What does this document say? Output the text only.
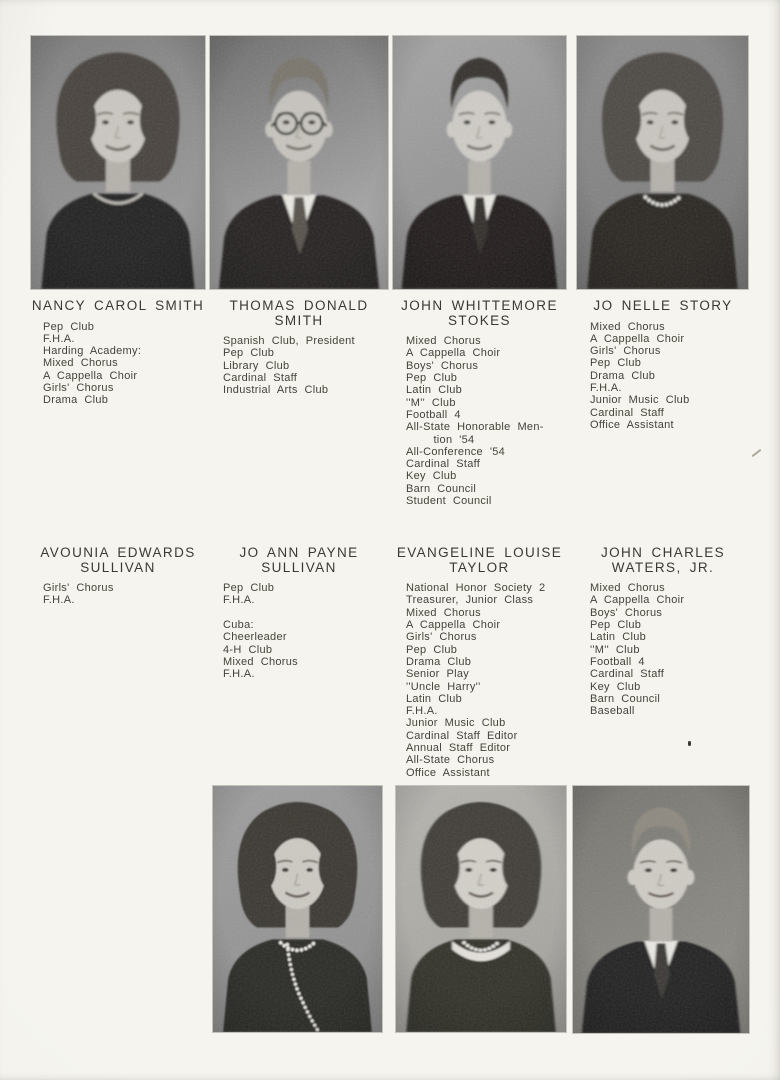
NANCY CAROL SMITH
Pep Club
F.H.A.
Harding Academy:
Mixed Chorus
A Cappella Choir
Girls' Chorus
Drama Club
THOMAS DONALD
SMITH
Spanish Club, President
Pep Club
Library Club
Cardinal Staff
Industrial Arts Club
JOHN WHITTEMORE
STOKES
Mixed Chorus
A Cappella Choir
Boys' Chorus
Pep Club
Latin Club
''M'' Club
Football 4
All-State Honorable Men-
tion '54
All-Conference '54
Cardinal Staff
Key Club
Barn Council
Student Council
JO NELLE STORY
Mixed Chorus
A Cappella Choir
Girls' Chorus
Pep Club
Drama Club
F.H.A.
Junior Music Club
Cardinal Staff
Office Assistant
AVOUNIA EDWARDS
SULLIVAN
Girls' Chorus
F.H.A.
JO ANN PAYNE
SULLIVAN
Pep Club
F.H.A.

Cuba:
Cheerleader
4-H Club
Mixed Chorus
F.H.A.
EVANGELINE LOUISE
TAYLOR
National Honor Society 2
Treasurer, Junior Class
Mixed Chorus
A Cappella Choir
Girls' Chorus
Pep Club
Drama Club
Senior Play
''Uncle Harry''
Latin Club
F.H.A.
Junior Music Club
Cardinal Staff Editor
Annual Staff Editor
All-State Chorus
Office Assistant
JOHN CHARLES
WATERS, JR.
Mixed Chorus
A Cappella Choir
Boys' Chorus
Pep Club
Latin Club
''M'' Club
Football 4
Cardinal Staff
Key Club
Barn Council
Baseball
